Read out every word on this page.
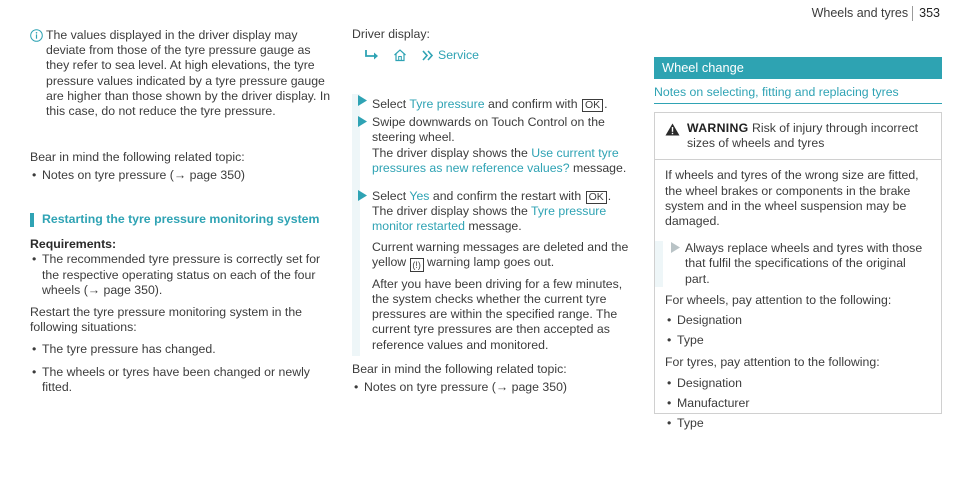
Wheels and tyres 353

The values displayed in the driver display may deviate from those of the tyre pressure gauge as they refer to sea level. At high elevations, the tyre pressure values indicated by a tyre pressure gauge are higher than those shown by the driver display. In this case, do not reduce the tyre pressure.

Bear in mind the following related topic:

• Notes on tyre pressure (→ page 350)

Restarting the tyre pressure monitoring system

Requirements:

• The recommended tyre pressure is correctly set for the respective operating status on each of the four wheels (→ page 350).

Restart the tyre pressure monitoring system in the following situations:

• The tyre pressure has changed.

• The wheels or tyres have been changed or newly fitted.

Driver display:

Service

Select Tyre pressure and confirm with OK .

Swipe downwards on Touch Control on the steering wheel.

The driver display shows the Use current tyre pressures as new reference values? message.

Select Yes and confirm the restart with OK .

The driver display shows the Tyre pressure monitor restarted message.

Current warning messages are deleted and the yellow (!) warning lamp goes out.

After you have been driving for a few minutes, the system checks whether the current tyre pressures are within the specified range. The current tyre pressures are then accepted as reference values and monitored.

Bear in mind the following related topic:

• Notes on tyre pressure (→ page 350)

Wheel change
Notes on selecting, fitting and replacing tyres

WARNING Risk of injury through incorrect sizes of wheels and tyres

If wheels and tyres of the wrong size are fitted, the wheel brakes or components in the brake system and in the wheel suspension may be damaged.

Always replace wheels and tyres with those that fulfil the specifications of the original part.

For wheels, pay attention to the following:

• Designation

• Type

For tyres, pay attention to the following:

• Designation

• Manufacturer

• Type
